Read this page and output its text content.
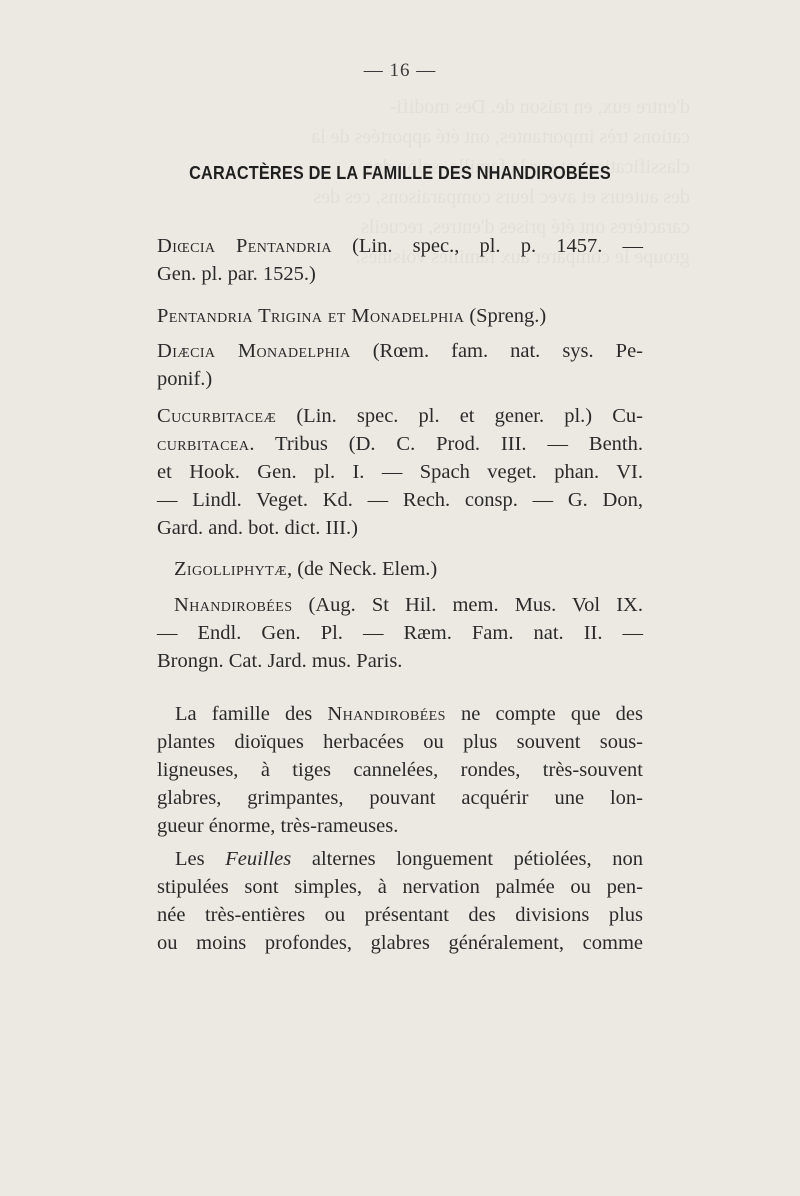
— 16 —
CARACTÈRES DE LA FAMILLE DES NHANDIROBÉES
Diœcia Pentandria (Lin. spec., pl. p. 1457. —
Gen. pl. par. 1525.)
Pentandria Trigina et Monadelphia (Spreng.)
Diæcia Monadelphia (Rœm. fam. nat. sys. Pe-
ponif.)
Cucurbitaceæ (Lin. spec. pl. et gener. pl.) Cu-
curbitacea. Tribus (D. C. Prod. III. — Benth.
et Hook. Gen. pl. I. — Spach veget. phan. VI.
— Lindl. Veget. Kd. — Rech. consp. — G. Don,
Gard. and. bot. dict. III.)
Zigolliphytæ, (de Neck. Elem.)
Nhandirobées (Aug. St Hil. mem. Mus. Vol IX.
— Endl. Gen. Pl. — Ræm. Fam. nat. II. —
Brongn. Cat. Jard. mus. Paris.
La famille des Nhandirobées ne compte que des
plantes dioïques herbacées ou plus souvent sous-
ligneuses, à tiges cannelées, rondes, très-souvent
glabres, grimpantes, pouvant acquérir une lon-
gueur énorme, très-rameuses.
Les Feuilles alternes longuement pétiolées, non
stipulées sont simples, à nervation palmée ou pen-
née très-entières ou présentant des divisions plus
ou moins profondes, glabres généralement, comme
